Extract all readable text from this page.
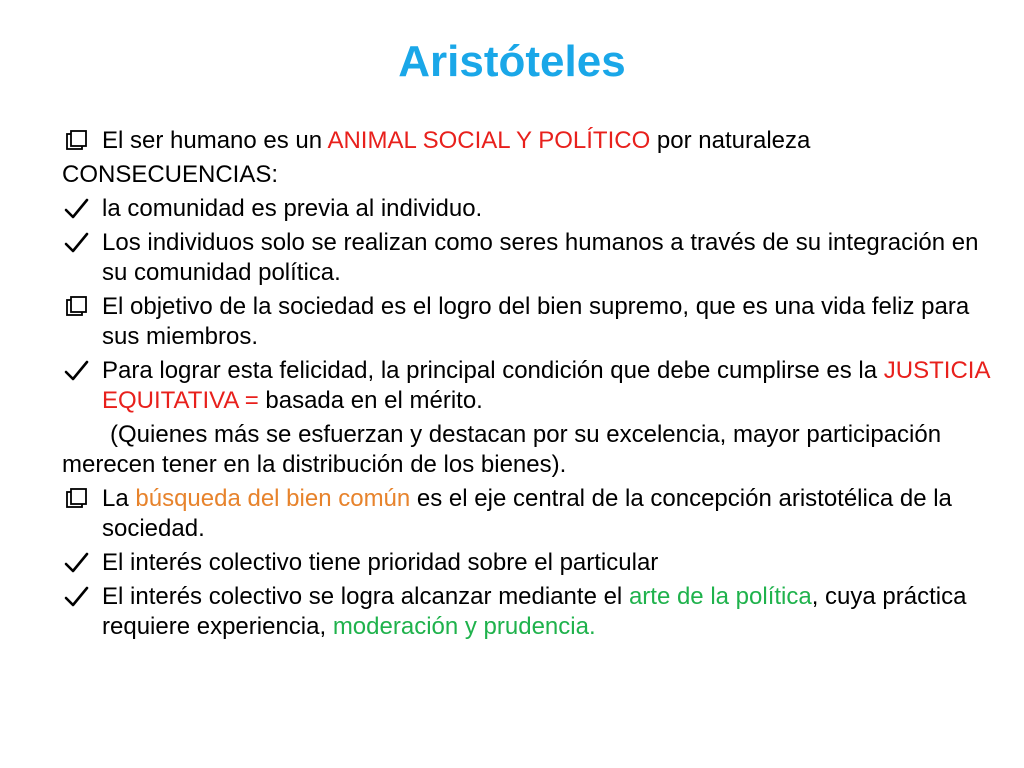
Aristóteles
El ser humano es un ANIMAL SOCIAL Y POLÍTICO por naturaleza
CONSECUENCIAS:
la comunidad es previa al individuo.
Los individuos solo se realizan como seres humanos a través de su integración en su comunidad política.
El objetivo de la sociedad es el logro del bien supremo, que es una vida feliz para sus miembros.
Para lograr esta felicidad, la principal condición que debe cumplirse es la JUSTICIA EQUITATIVA = basada en el mérito.
(Quienes más se esfuerzan y destacan por su excelencia, mayor participación merecen tener en la distribución de los bienes).
La búsqueda del bien común es el eje central de la concepción aristotélica de la sociedad.
El interés colectivo tiene prioridad sobre el particular
El interés colectivo se logra alcanzar mediante el arte de la política, cuya práctica requiere experiencia, moderación y prudencia.
